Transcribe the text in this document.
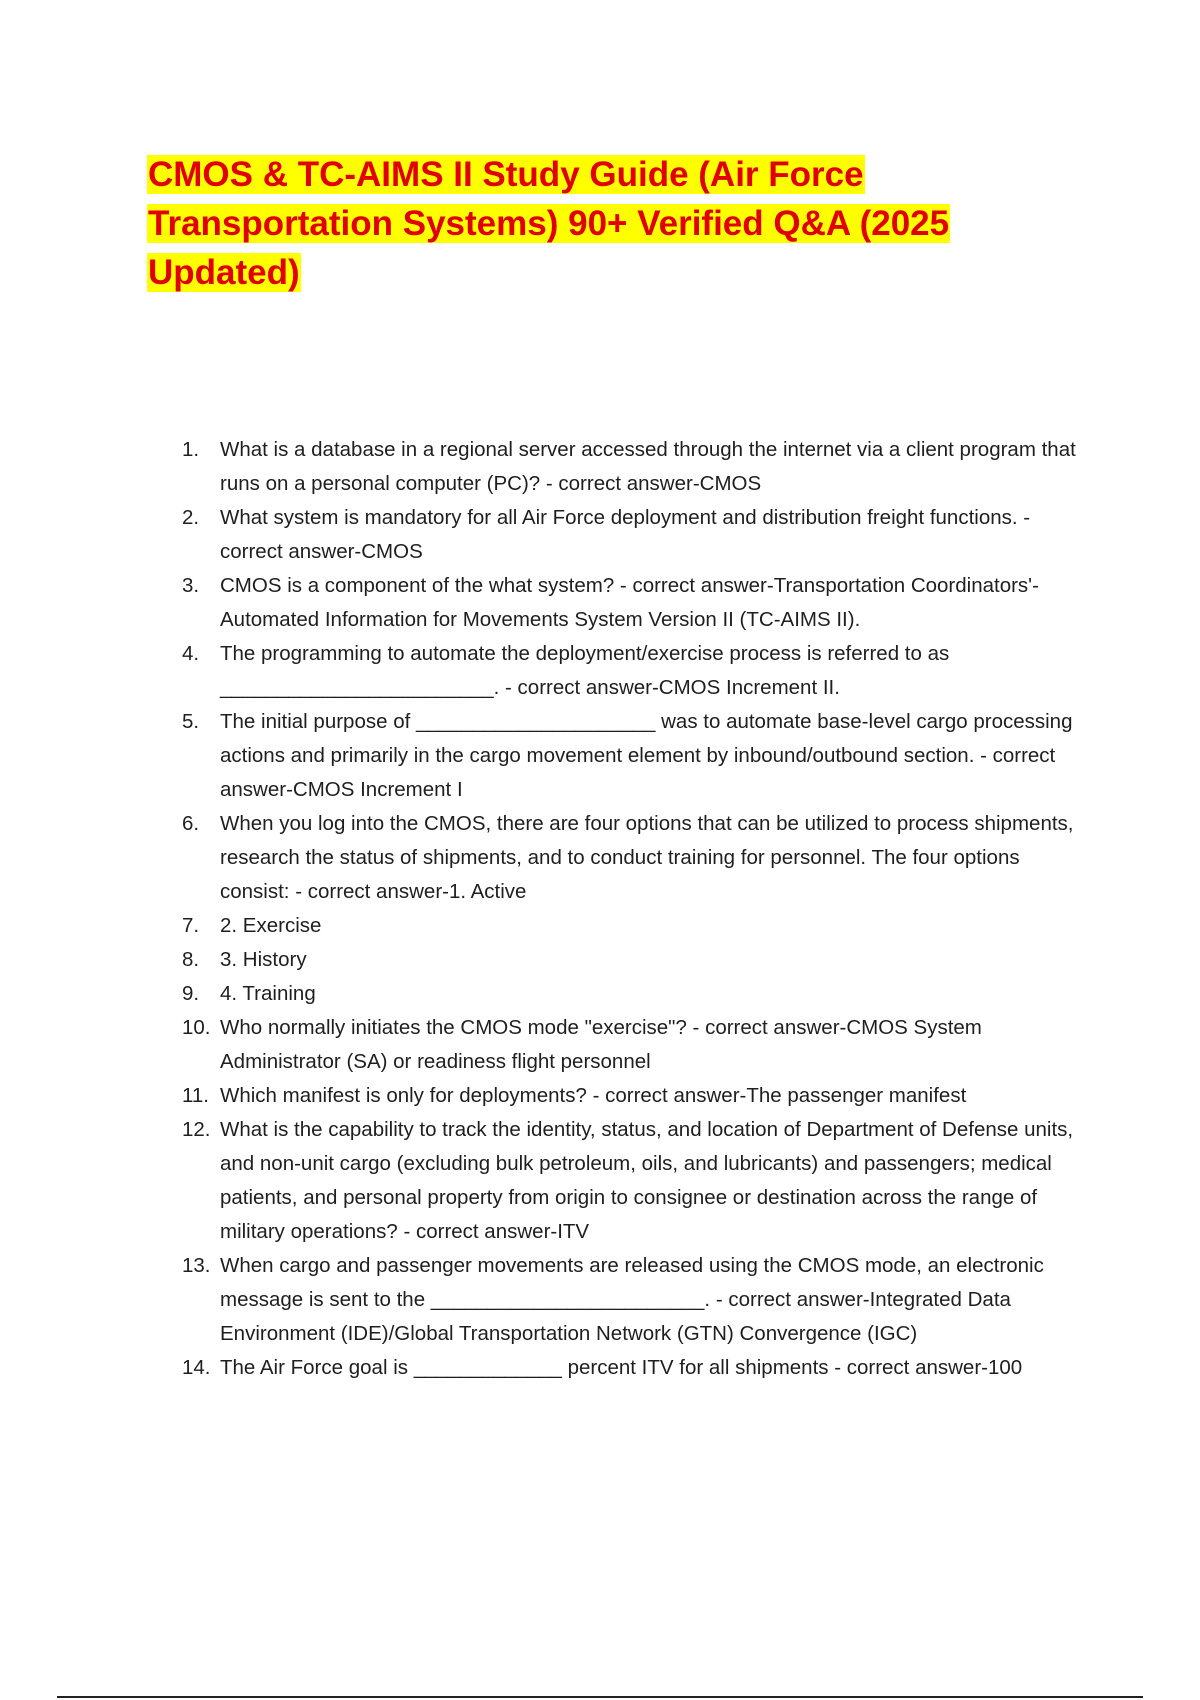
CMOS & TC-AIMS II Study Guide (Air Force
Transportation Systems) 90+ Verified Q&A (2025
Updated)
1.	What is a database in a regional server accessed through the internet via a client program that runs on a personal computer (PC)? - correct answer-CMOS
2.	What system is mandatory for all Air Force deployment and distribution freight functions. - correct answer-CMOS
3.	CMOS is a component of the what system? - correct answer-Transportation Coordinators'-Automated Information for Movements System Version II (TC-AIMS II).
4.	The programming to automate the deployment/exercise process is referred to as ________________________. - correct answer-CMOS Increment II.
5.	The initial purpose of _____________________ was to automate base-level cargo processing actions and primarily in the cargo movement element by inbound/outbound section. - correct answer-CMOS Increment I
6.	When you log into the CMOS, there are four options that can be utilized to process shipments, research the status of shipments, and to conduct training for personnel. The four options consist: - correct answer-1. Active
7.	2. Exercise
8.	3. History
9.	4. Training
10. Who normally initiates the CMOS mode "exercise"? - correct answer-CMOS System Administrator (SA) or readiness flight personnel
11. Which manifest is only for deployments? - correct answer-The passenger manifest
12. What is the capability to track the identity, status, and location of Department of Defense units, and non-unit cargo (excluding bulk petroleum, oils, and lubricants) and passengers; medical patients, and personal property from origin to consignee or destination across the range of military operations? - correct answer-ITV
13. When cargo and passenger movements are released using the CMOS mode, an electronic message is sent to the ________________________. - correct answer-Integrated Data Environment (IDE)/Global Transportation Network (GTN) Convergence (IGC)
14. The Air Force goal is _____________ percent ITV for all shipments - correct answer-100
